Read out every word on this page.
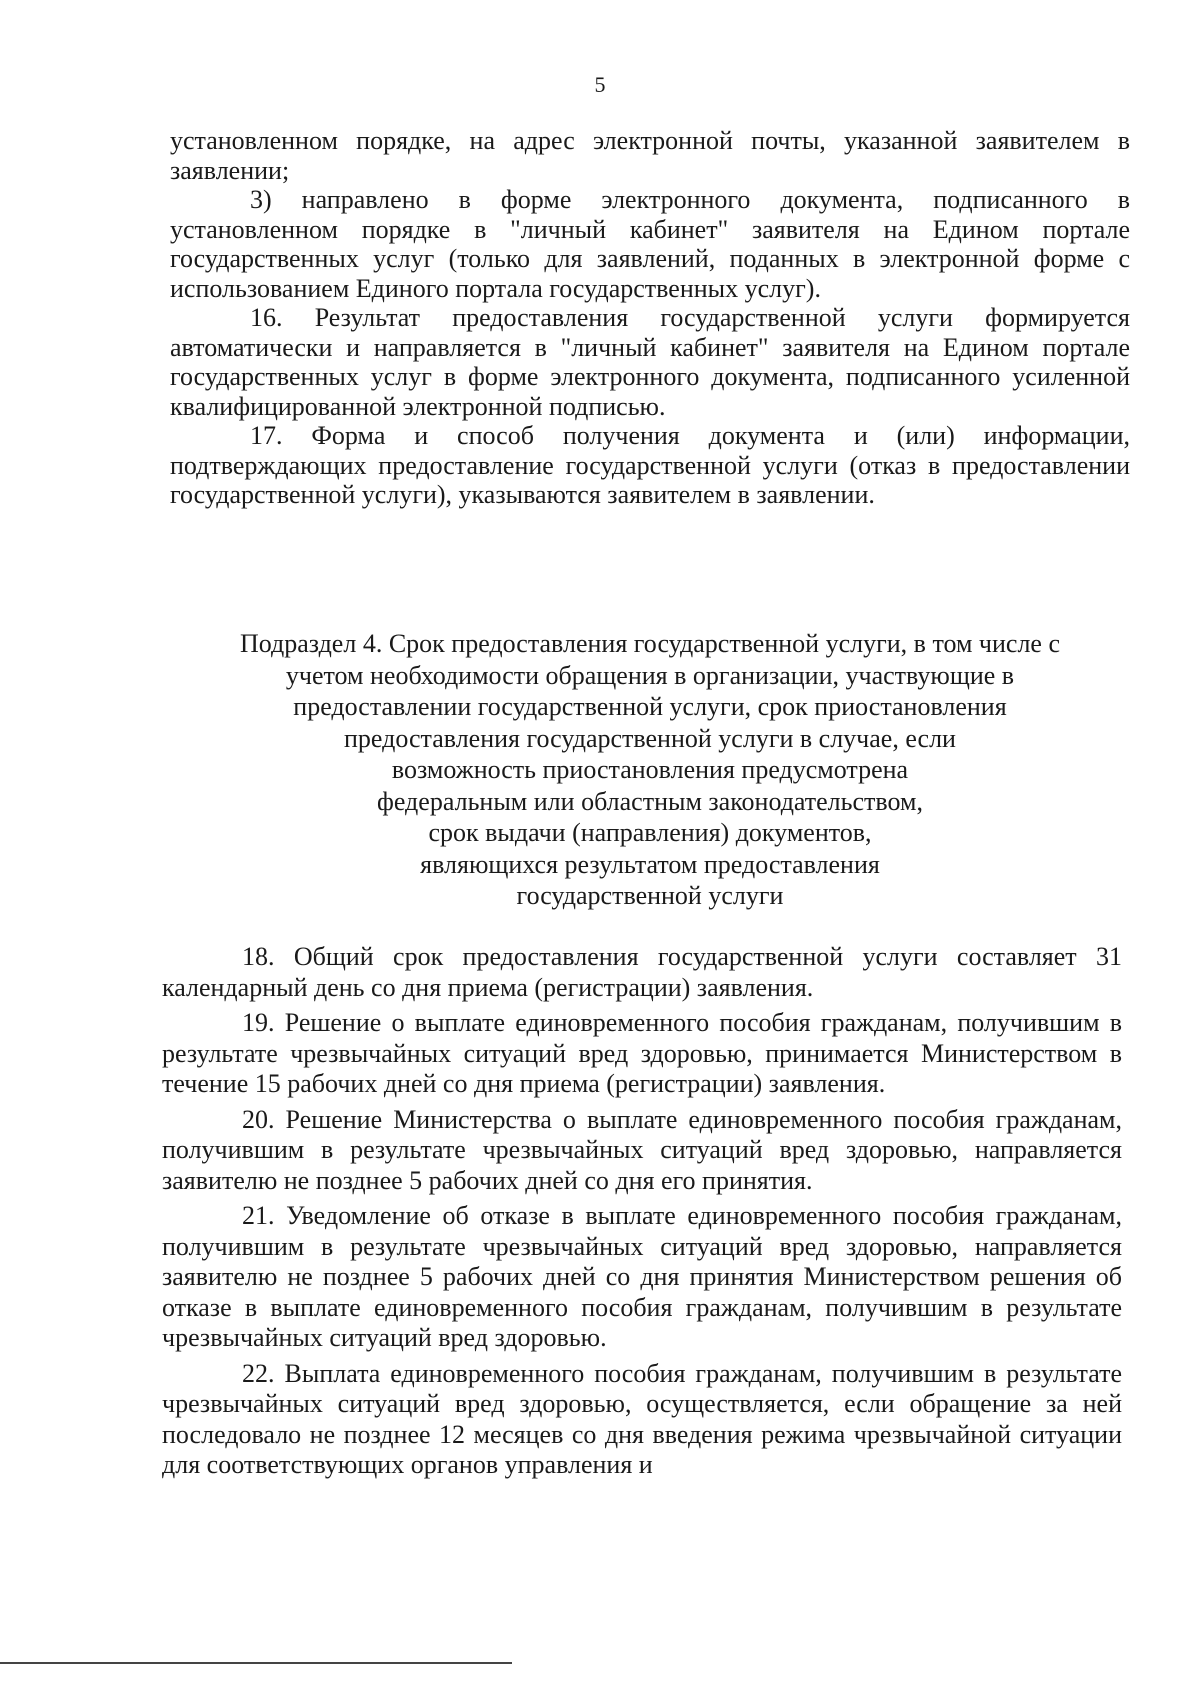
5

установленном порядке, на адрес электронной почты, указанной заявителем в заявлении;

3) направлено в форме электронного документа, подписанного в установленном порядке в "личный кабинет" заявителя на Едином портале государственных услуг (только для заявлений, поданных в электронной форме с использованием Единого портала государственных услуг).

16. Результат предоставления государственной услуги формируется автоматически и направляется в "личный кабинет" заявителя на Едином портале государственных услуг в форме электронного документа, подписанного усиленной квалифицированной электронной подписью.

17. Форма и способ получения документа и (или) информации, подтверждающих предоставление государственной услуги (отказ в предоставлении государственной услуги), указываются заявителем в заявлении.

Подраздел 4. Срок предоставления государственной услуги, в том числе с
учетом необходимости обращения в организации, участвующие в
предоставлении государственной услуги, срок приостановления
предоставления государственной услуги в случае, если
возможность приостановления предусмотрена
федеральным или областным законодательством,
срок выдачи (направления) документов,
являющихся результатом предоставления
государственной услуги

18. Общий срок предоставления государственной услуги составляет 31 календарный день со дня приема (регистрации) заявления.

19. Решение о выплате единовременного пособия гражданам, получившим в результате чрезвычайных ситуаций вред здоровью, принимается Министерством в течение 15 рабочих дней со дня приема (регистрации) заявления.

20. Решение Министерства о выплате единовременного пособия гражданам, получившим в результате чрезвычайных ситуаций вред здоровью, направляется заявителю не позднее 5 рабочих дней со дня его принятия.

21. Уведомление об отказе в выплате единовременного пособия гражданам, получившим в результате чрезвычайных ситуаций вред здоровью, направляется заявителю не позднее 5 рабочих дней со дня принятия Министерством решения об отказе в выплате единовременного пособия гражданам, получившим в результате чрезвычайных ситуаций вред здоровью.

22. Выплата единовременного пособия гражданам, получившим в результате чрезвычайных ситуаций вред здоровью, осуществляется, если обращение за ней последовало не позднее 12 месяцев со дня введения режима чрезвычайной ситуации для соответствующих органов управления и
